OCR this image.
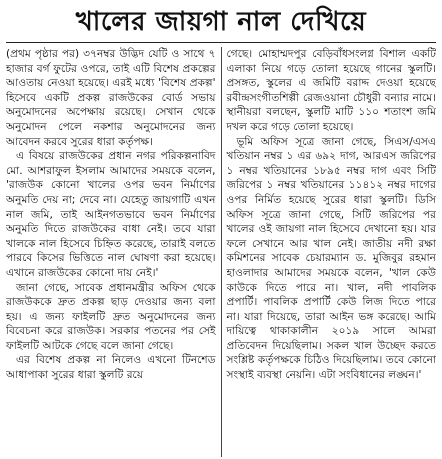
খালের জায়গা নাল দেখিয়ে

(প্রথম পৃষ্ঠার পর) ৩৭নম্বর উদ্ভিদ যেটি ও সাথে ৭ হাজার বর্গ ফুটের ওপরে, তাই এটি বিশেষ প্রকল্পের আওতায় নেওয়া হয়েছে। এরই মধ্যে 'বিশেষ প্রকল্প' হিসেবে একটি প্রকল্প রাজউকের বোর্ড সভায় অনুমোদনের অপেক্ষায় রয়েছে। সেখান থেকে অনুমোদন পেলে নকশার অনুমোদনের জন্য আবেদন করবে সুরের ধারা কর্তৃপক্ষ।

এ বিষয়ে রাজউকের প্রধান নগর পরিকল্পনাবিদ মো. আশরাফুল ইসলাম আমাদের সময়কে বলেন, 'রাজউক কোনো খালের ওপর ভবন নির্মাণের অনুমতি দেয় না; দেবে না। যেহেতু জায়গাটি এখন নাল জমি, তাই আইনগতভাবে ভবন নির্মাণের অনুমতি দিতে রাজউকের বাধা নেই। তবে যারা খালকে নাল হিসেবে চিহ্নিত করেছে, তারাই বলতে পারবে কিসের ভিত্তিতে নাল ঘোষণা করা হয়েছে। এখানে রাজউকের কোনো দায় নেই।'

জানা গেছে, সাবেক প্রধানমন্ত্রীর অফিস থেকে রাজউককে দ্রুত প্রকল্প ছাড় দেওয়ার জন্য বলা হয়। এ জন্য ফাইলটি দ্রুত অনুমোদনের জন্য বিবেচনা করে রাজউক। সরকার পতনের পর সেই ফাইলটি আটকে গেছে বলে জানা গেছে।

এর বিশেষ প্রকল্প না নিলেও এখনো টিনশেড আধাপাকা সুরের ধারা স্কুলটি রয়ে

গেছে। মোহাম্মদপুর বেড়িবাঁধসংলগ্ন বিশাল একটি এলাকা নিয়ে গড়ে তোলা হয়েছে গানের স্কুলটি। প্রসঙ্গত, স্কুলের এ জমিটি বরাদ্দ দেওয়া হয়েছে রবীন্দ্রসংগীতশিল্পী রেজওয়ানা চৌধুরী বন্যার নামে। স্থানীয়রা বলছেন, স্কুলটি মাটি ১১০ শতাংশ জমি দখল করে গড়ে তোলা হয়েছে।

ভূমি অফিস সূত্রে জানা গেছে, সিএস/এসএ খতিয়ান নম্বর ১ এর ৬৯২ দাগ, আরএস জরিপের ১ নম্বর খতিয়ানের ১৮৯৫ নম্বর দাগ এবং সিটি জরিপের ১ নম্বর খতিয়ানের ১১৪১২ নম্বর দাগের ওপর নির্মিত হয়েছে সুরের ধারা স্কুলটি। ডিসি অফিস সূত্রে জানা গেছে, সিটি জরিপের পর খালের ওই জায়গা নাল হিসেবে দেখানো হয়। যার ফলে সেখানে আর খাল নেই। জাতীয় নদী রক্ষা কমিশনের সাবেক চেয়ারম্যান ড. মুজিবুর রহমান হাওলাদার আমাদের সময়কে বলেন, 'খাল কেউ কাউকে দিতে পারে না। খাল, নদী পাবলিক প্রপার্টি। পাবলিক প্রপার্টি কেউ লিজ দিতে পারে না। যারা দিয়েছে, তারা আইন ভঙ্গ করেছে। আমি দায়িত্বে থাকাকালীন ২০১৯ সালে আমরা প্রতিবেদন দিয়েছিলাম। সকল খাল উচ্ছেদ করতে সংশ্লিষ্ট কর্তৃপক্ষকে চিঠিও দিয়েছিলাম। তবে কোনো সংস্থাই ব্যবস্থা নেয়নি। এটা সংবিধানের লঙ্ঘন।'
